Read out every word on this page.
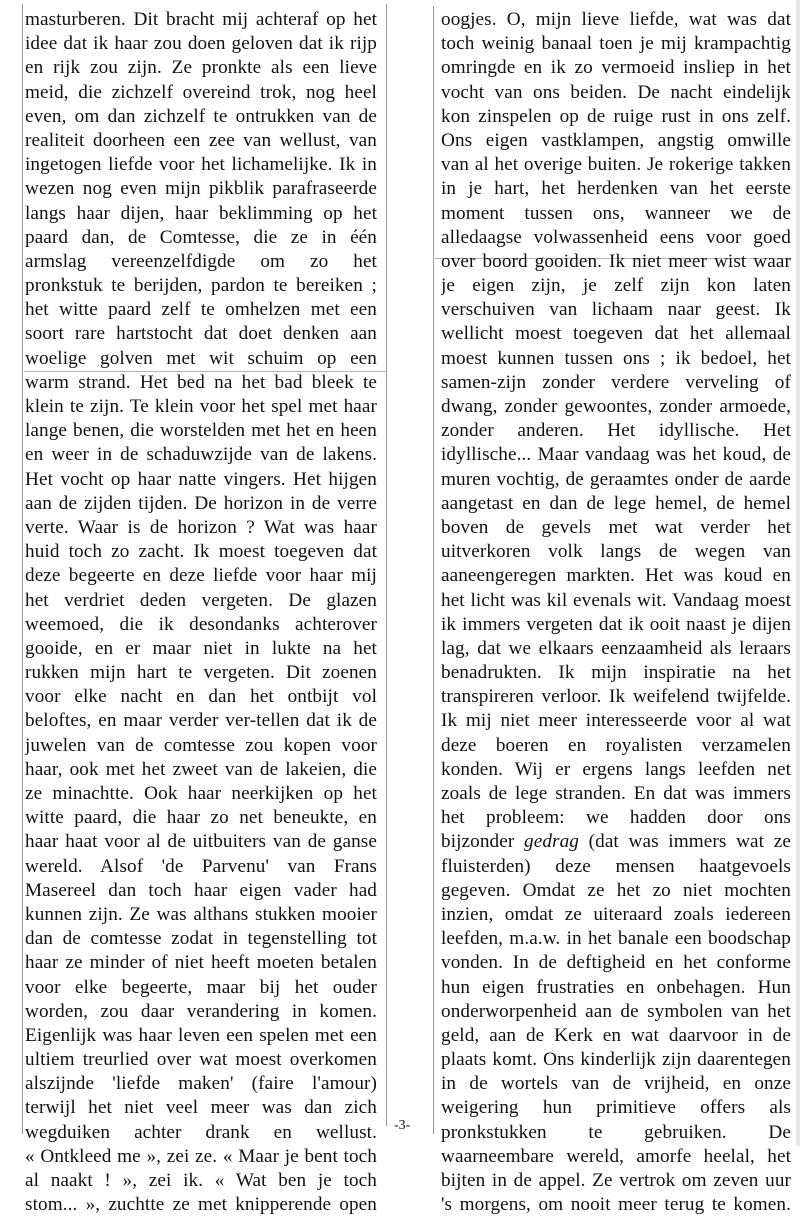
masturberen. Dit bracht mij achteraf op het
idee dat ik haar zou doen geloven dat ik rijp
en rijk zou zijn. Ze pronkte als een lieve
meid, die zichzelf overeind trok, nog heel
even, om dan zichzelf te ontrukken van de
realiteit doorheen een zee van wellust, van
ingetogen liefde voor het lichamelijke. Ik in
wezen nog even mijn pikblik parafraseerde
langs haar dijen, haar beklimming op het
paard dan, de Comtesse, die ze in één
armslag vereenzelfdigde om zo het
pronkstuk te berijden, pardon te bereiken ;
het witte paard zelf te omhelzen met een
soort rare hartstocht dat doet denken aan
woelige golven met wit schuim op een
warm strand. Het bed na het bad bleek te
klein te zijn. Te klein voor het spel met haar
lange benen, die worstelden met het en heen
en weer in de schaduwzijde van de lakens.
Het vocht op haar natte vingers. Het hijgen
aan de zijden tijden. De horizon in de verre
verte. Waar is de horizon ? Wat was haar
huid toch zo zacht. Ik moest toegeven dat
deze begeerte en deze liefde voor haar mij
het verdriet deden vergeten. De glazen
weemoed, die ik desondanks achterover
gooide, en er maar niet in lukte na het
rukken mijn hart te vergeten. Dit zoenen
voor elke nacht en dan het ontbijt vol
beloftes, en maar verder ver-tellen dat ik de
juwelen van de comtesse zou kopen voor
haar, ook met het zweet van de lakeien, die
ze minachtte. Ook haar neerkijken op het
witte paard, die haar zo net beneukte, en
haar haat voor al de uitbuiters van de ganse
wereld. Alsof 'de Parvenu' van Frans
Masereel dan toch haar eigen vader had
kunnen zijn. Ze was althans stukken mooier
dan de comtesse zodat in tegenstelling tot
haar ze minder of niet heeft moeten betalen
voor elke begeerte, maar bij het ouder
worden, zou daar verandering in komen.
Eigenlijk was haar leven een spelen met een
ultiem treurlied over wat moest overkomen
alszijnde 'liefde maken' (faire l'amour)
terwijl het niet veel meer was dan zich
wegduiken achter drank en wellust.
« Ontkleed me », zei ze. « Maar je bent toch
al naakt ! », zei ik. « Wat ben je toch
stom... », zuchtte ze met knipperende open
oogjes. O, mijn lieve liefde, wat was dat
toch weinig banaal toen je mij krampachtig
omringde en ik zo vermoeid insliep in het
vocht van ons beiden. De nacht eindelijk
kon zinspelen op de ruige rust in ons zelf.
Ons eigen vastklampen, angstig omwille
van al het overige buiten. Je rokerige takken
in je hart, het herdenken van het eerste
moment tussen ons, wanneer we de
alledaagse volwassenheid eens voor goed
over boord gooiden. Ik niet meer wist waar
je eigen zijn, je zelf zijn kon laten
verschuiven van lichaam naar geest. Ik
wellicht moest toegeven dat het allemaal
moest kunnen tussen ons ; ik bedoel, het
samen-zijn zonder verdere verveling of
dwang, zonder gewoontes, zonder armoede,
zonder anderen. Het idyllische. Het
idyllische... Maar vandaag was het koud, de
muren vochtig, de geraamtes onder de aarde
aangetast en dan de lege hemel, de hemel
boven de gevels met wat verder het
uitverkoren volk langs de wegen van
aaneengeregen markten. Het was koud en
het licht was kil evenals wit. Vandaag moest
ik immers vergeten dat ik ooit naast je dijen
lag, dat we elkaars eenzaamheid als leraars
benadrukten. Ik mijn inspiratie na het
transpireren verloor. Ik weifelend twijfelde.
Ik mij niet meer interesseerde voor al wat
deze boeren en royalisten verzamelen
konden. Wij er ergens langs leefden net
zoals de lege stranden. En dat was immers
het probleem: we hadden door ons
bijzonder gedrag (dat was immers wat ze
fluisterden) deze mensen haatgevoels
gegeven. Omdat ze het zo niet mochten
inzien, omdat ze uiteraard zoals iedereen
leefden, m.a.w. in het banale een boodschap
vonden. In de deftigheid en het conforme
hun eigen frustraties en onbehagen. Hun
onderworpenheid aan de symbolen van het
geld, aan de Kerk en wat daarvoor in de
plaats komt. Ons kinderlijk zijn daarentegen
in de wortels van de vrijheid, en onze
weigering hun primitieve offers als
pronkstukken te gebruiken. De
waarneembare wereld, amorfe heelal, het
bijten in de appel. Ze vertrok om zeven uur
's morgens, om nooit meer terug te komen.
-3-
